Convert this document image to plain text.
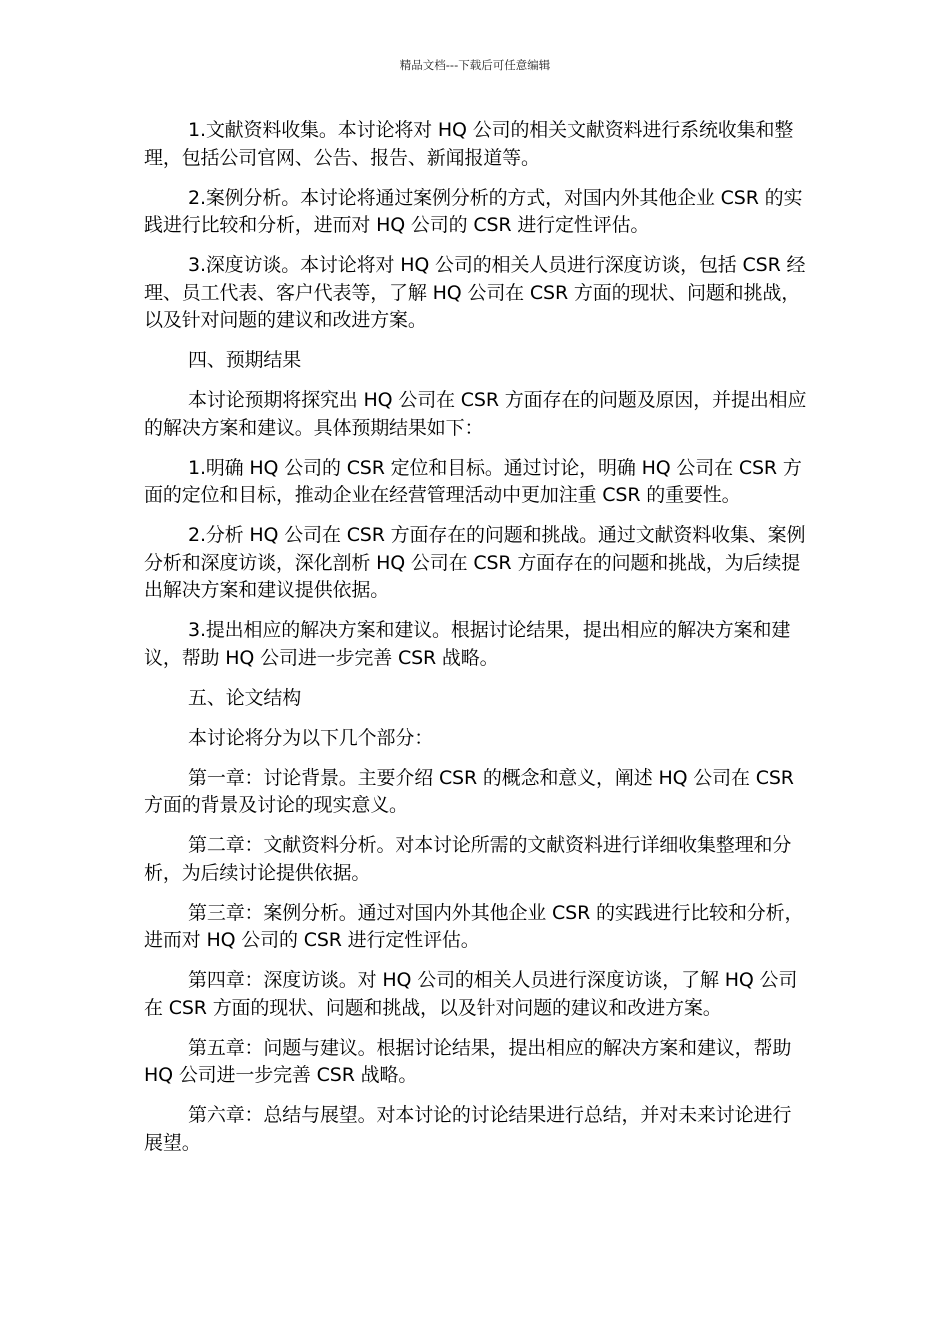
精品文档---下载后可任意编辑

1.文献资料收集。本讨论将对 HQ 公司的相关文献资料进行系统收集和整理，包括公司官网、公告、报告、新闻报道等。

2.案例分析。本讨论将通过案例分析的方式，对国内外其他企业 CSR 的实践进行比较和分析，进而对 HQ 公司的 CSR 进行定性评估。

3.深度访谈。本讨论将对 HQ 公司的相关人员进行深度访谈，包括 CSR 经理、员工代表、客户代表等，了解 HQ 公司在 CSR 方面的现状、问题和挑战，以及针对问题的建议和改进方案。

四、预期结果

本讨论预期将探究出 HQ 公司在 CSR 方面存在的问题及原因，并提出相应的解决方案和建议。具体预期结果如下：

1.明确 HQ 公司的 CSR 定位和目标。通过讨论，明确 HQ 公司在 CSR 方面的定位和目标，推动企业在经营管理活动中更加注重 CSR 的重要性。

2.分析 HQ 公司在 CSR 方面存在的问题和挑战。通过文献资料收集、案例分析和深度访谈，深化剖析 HQ 公司在 CSR 方面存在的问题和挑战，为后续提出解决方案和建议提供依据。

3.提出相应的解决方案和建议。根据讨论结果，提出相应的解决方案和建议，帮助 HQ 公司进一步完善 CSR 战略。

五、论文结构

本讨论将分为以下几个部分：

第一章：讨论背景。主要介绍 CSR 的概念和意义，阐述 HQ 公司在 CSR 方面的背景及讨论的现实意义。

第二章：文献资料分析。对本讨论所需的文献资料进行详细收集整理和分析，为后续讨论提供依据。

第三章：案例分析。通过对国内外其他企业 CSR 的实践进行比较和分析，进而对 HQ 公司的 CSR 进行定性评估。

第四章：深度访谈。对 HQ 公司的相关人员进行深度访谈，了解 HQ 公司在 CSR 方面的现状、问题和挑战，以及针对问题的建议和改进方案。

第五章：问题与建议。根据讨论结果，提出相应的解决方案和建议，帮助 HQ 公司进一步完善 CSR 战略。

第六章：总结与展望。对本讨论的讨论结果进行总结，并对未来讨论进行展望。
